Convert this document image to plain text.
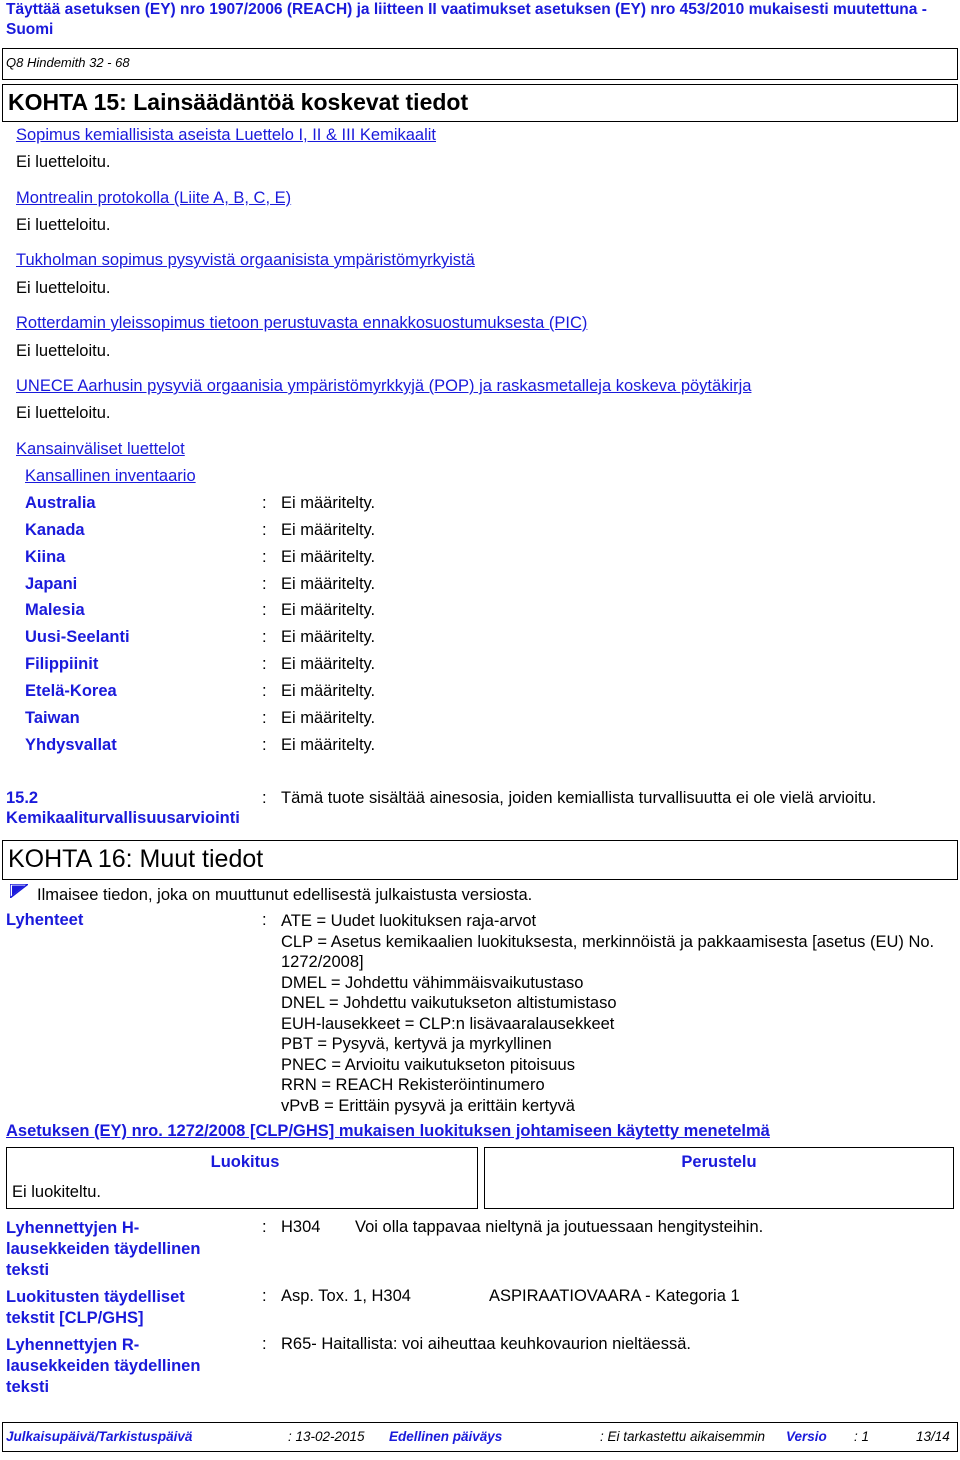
Täyttää asetuksen (EY) nro 1907/2006 (REACH) ja liitteen II vaatimukset asetuksen (EY) nro 453/2010 mukaisesti muutettuna - Suomi
Q8 Hindemith 32 - 68
KOHTA 15: Lainsäädäntöä koskevat tiedot
Sopimus kemiallisista aseista Luettelo I, II & III Kemikaalit
Ei luetteloitu.
Montrealin protokolla (Liite A, B, C, E)
Ei luetteloitu.
Tukholman sopimus pysyvistä orgaanisista ympäristömyrkyistä
Ei luetteloitu.
Rotterdamin yleissopimus tietoon perustuvasta ennakkosuostumuksesta (PIC)
Ei luetteloitu.
UNECE Aarhusin pysyviä orgaanisia ympäristömyrkkyjä (POP) ja raskasmetalleja koskeva pöytäkirja
Ei luetteloitu.
Kansainväliset luettelot
Kansallinen inventaario
Australia	: Ei määritelty.
Kanada	: Ei määritelty.
Kiina	: Ei määritelty.
Japani	: Ei määritelty.
Malesia	: Ei määritelty.
Uusi-Seelanti	: Ei määritelty.
Filippiinit	: Ei määritelty.
Etelä-Korea	: Ei määritelty.
Taiwan	: Ei määritelty.
Yhdysvallat	: Ei määritelty.
15.2
Kemikaaliturvallisuusarviointi
: Tämä tuote sisältää ainesosia, joiden kemiallista turvallisuutta ei ole vielä arvioitu.
KOHTA 16: Muut tiedot
Ilmaisee tiedon, joka on muuttunut edellisestä julkaistusta versiosta.
Lyhenteet	: ATE = Uudet luokituksen raja-arvot
CLP = Asetus kemikaalien luokituksesta, merkinnöistä ja pakkaamisesta [asetus (EU) No. 1272/2008]
DMEL = Johdettu vähimmäisvaikutustaso
DNEL = Johdettu vaikutukseton altistumistaso
EUH-lausekkeet = CLP:n lisävaaralausekkeet
PBT = Pysyvä, kertyvä ja myrkyllinen
PNEC = Arvioitu vaikutukseton pitoisuus
RRN = REACH Rekisteröintinumero
vPvB = Erittäin pysyvä ja erittäin kertyvä
Asetuksen (EY) nro. 1272/2008 [CLP/GHS] mukaisen luokituksen johtamiseen käytetty menetelmä
Luokitus	Perustelu
Ei luokiteltu.
Lyhennettyjen H-
lausekkeiden täydellinen
teksti
: H304 Voi olla tappavaa nieltynä ja joutuessaan hengitysteihin.
Luokitusten täydelliset
tekstit [CLP/GHS]
: Asp. Tox. 1, H304	ASPIRAATIOVAARA - Kategoria 1
Lyhennettyjen R-
lausekkeiden täydellinen
teksti
: R65- Haitallista: voi aiheuttaa keuhkovaurion nieltäessä.
Julkaisupäivä/Tarkistuspäivä	: 13-02-2015 Edellinen päiväys	: Ei tarkastettu aikaisemmin Versio : 1	13/14
